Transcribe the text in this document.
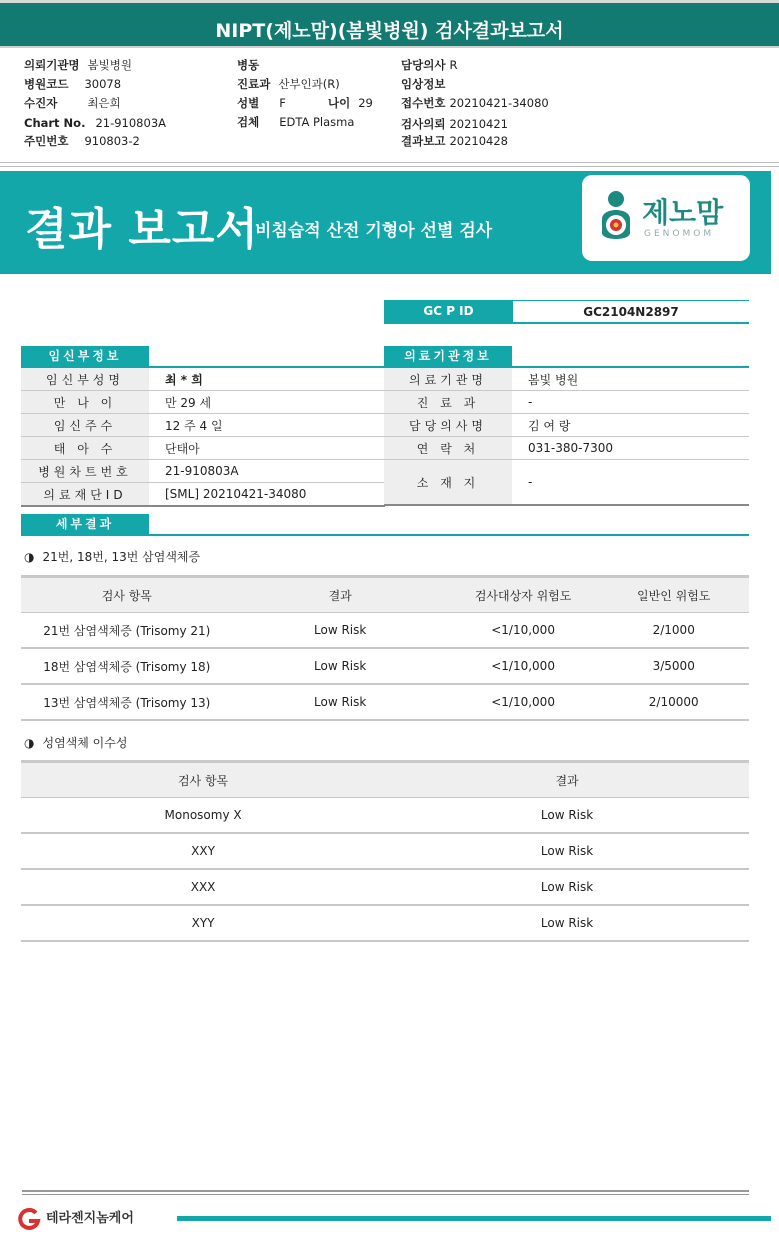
NIPT(제노맘)(봄빛병원) 검사결과보고서
의뢰기관명 봄빛병원
병원코드 30078
수진자	최은희
Chart No. 21-910803A
주민번호 910803-2
병동
진료과 산부인과(R)
성별 F	나이 29
검체 EDTA Plasma
담당의사 R
임상정보
접수번호 20210421-34080
검사의뢰 20210421
결과보고 20210428
결과 보고서
비침습적 산전 기형아 선별 검사
제노맘
GENOMOM
GC P ID	GC2104N2897
임신부정보
임신부성명	최 * 희
만 나 이	만 29 세
임신주수	12 주 4 일
태 아 수	단태아
병원차트번호	21-910803A
의료재단ID	[SML] 20210421-34080
의료기관정보
의료기관명	봄빛 병원
진 료 과	-
담당의사명	김 여 랑
연 락 처	031-380-7300
소 재 지	-
세부결과
◑ 21번, 18번, 13번 삼염색체증
검사 항목	결과	검사대상자 위험도	일반인 위험도
21번 삼염색체증 (Trisomy 21)	Low Risk	<1/10,000	2/1000
18번 삼염색체증 (Trisomy 18)	Low Risk	<1/10,000	3/5000
13번 삼염색체증 (Trisomy 13)	Low Risk	<1/10,000	2/10000
◑ 성염색체 이수성
검사 항목	결과
Monosomy X	Low Risk
XXY	Low Risk
XXX	Low Risk
XYY	Low Risk
테라젠지놈케어
